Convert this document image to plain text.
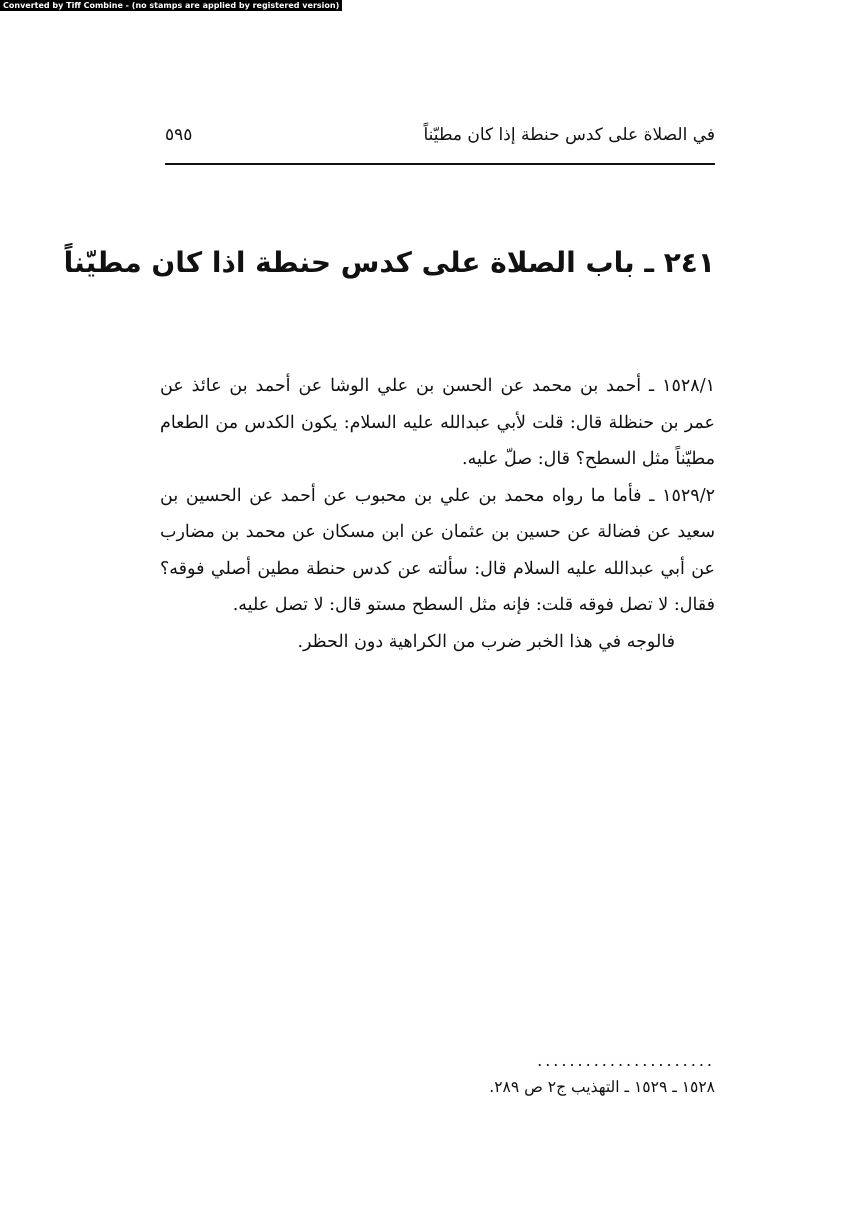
Converted by Tiff Combine - (no stamps are applied by registered version)
في الصلاة على كدس حنطة إذا كان مطيّناً
٥٩٥
٢٤١ ـ باب الصلاة على كدس حنطة اذا كان مطيّناً

١٥٢٨/١ ـ أحمد بن محمد عن الحسن بن علي الوشا عن أحمد بن عائذ عن عمر بن حنظلة قال: قلت لأبي عبدالله عليه السلام: يكون الكدس من الطعام مطيّناً مثل السطح؟ قال: صلّ عليه.

١٥٢٩/٢ ـ فأما ما رواه محمد بن علي بن محبوب عن أحمد عن الحسين بن سعيد عن فضالة عن حسين بن عثمان عن ابن مسكان عن محمد بن مضارب عن أبي عبدالله عليه السلام قال: سألته عن كدس حنطة مطين أصلي فوقه؟ فقال: لا تصل فوقه قلت: فإنه مثل السطح مستو قال: لا تصل عليه.

فالوجه في هذا الخبر ضرب من الكراهية دون الحظر.

......................
١٥٢٨ ـ ١٥٢٩ ـ التهذيب ج٢ ص ٢٨٩.
